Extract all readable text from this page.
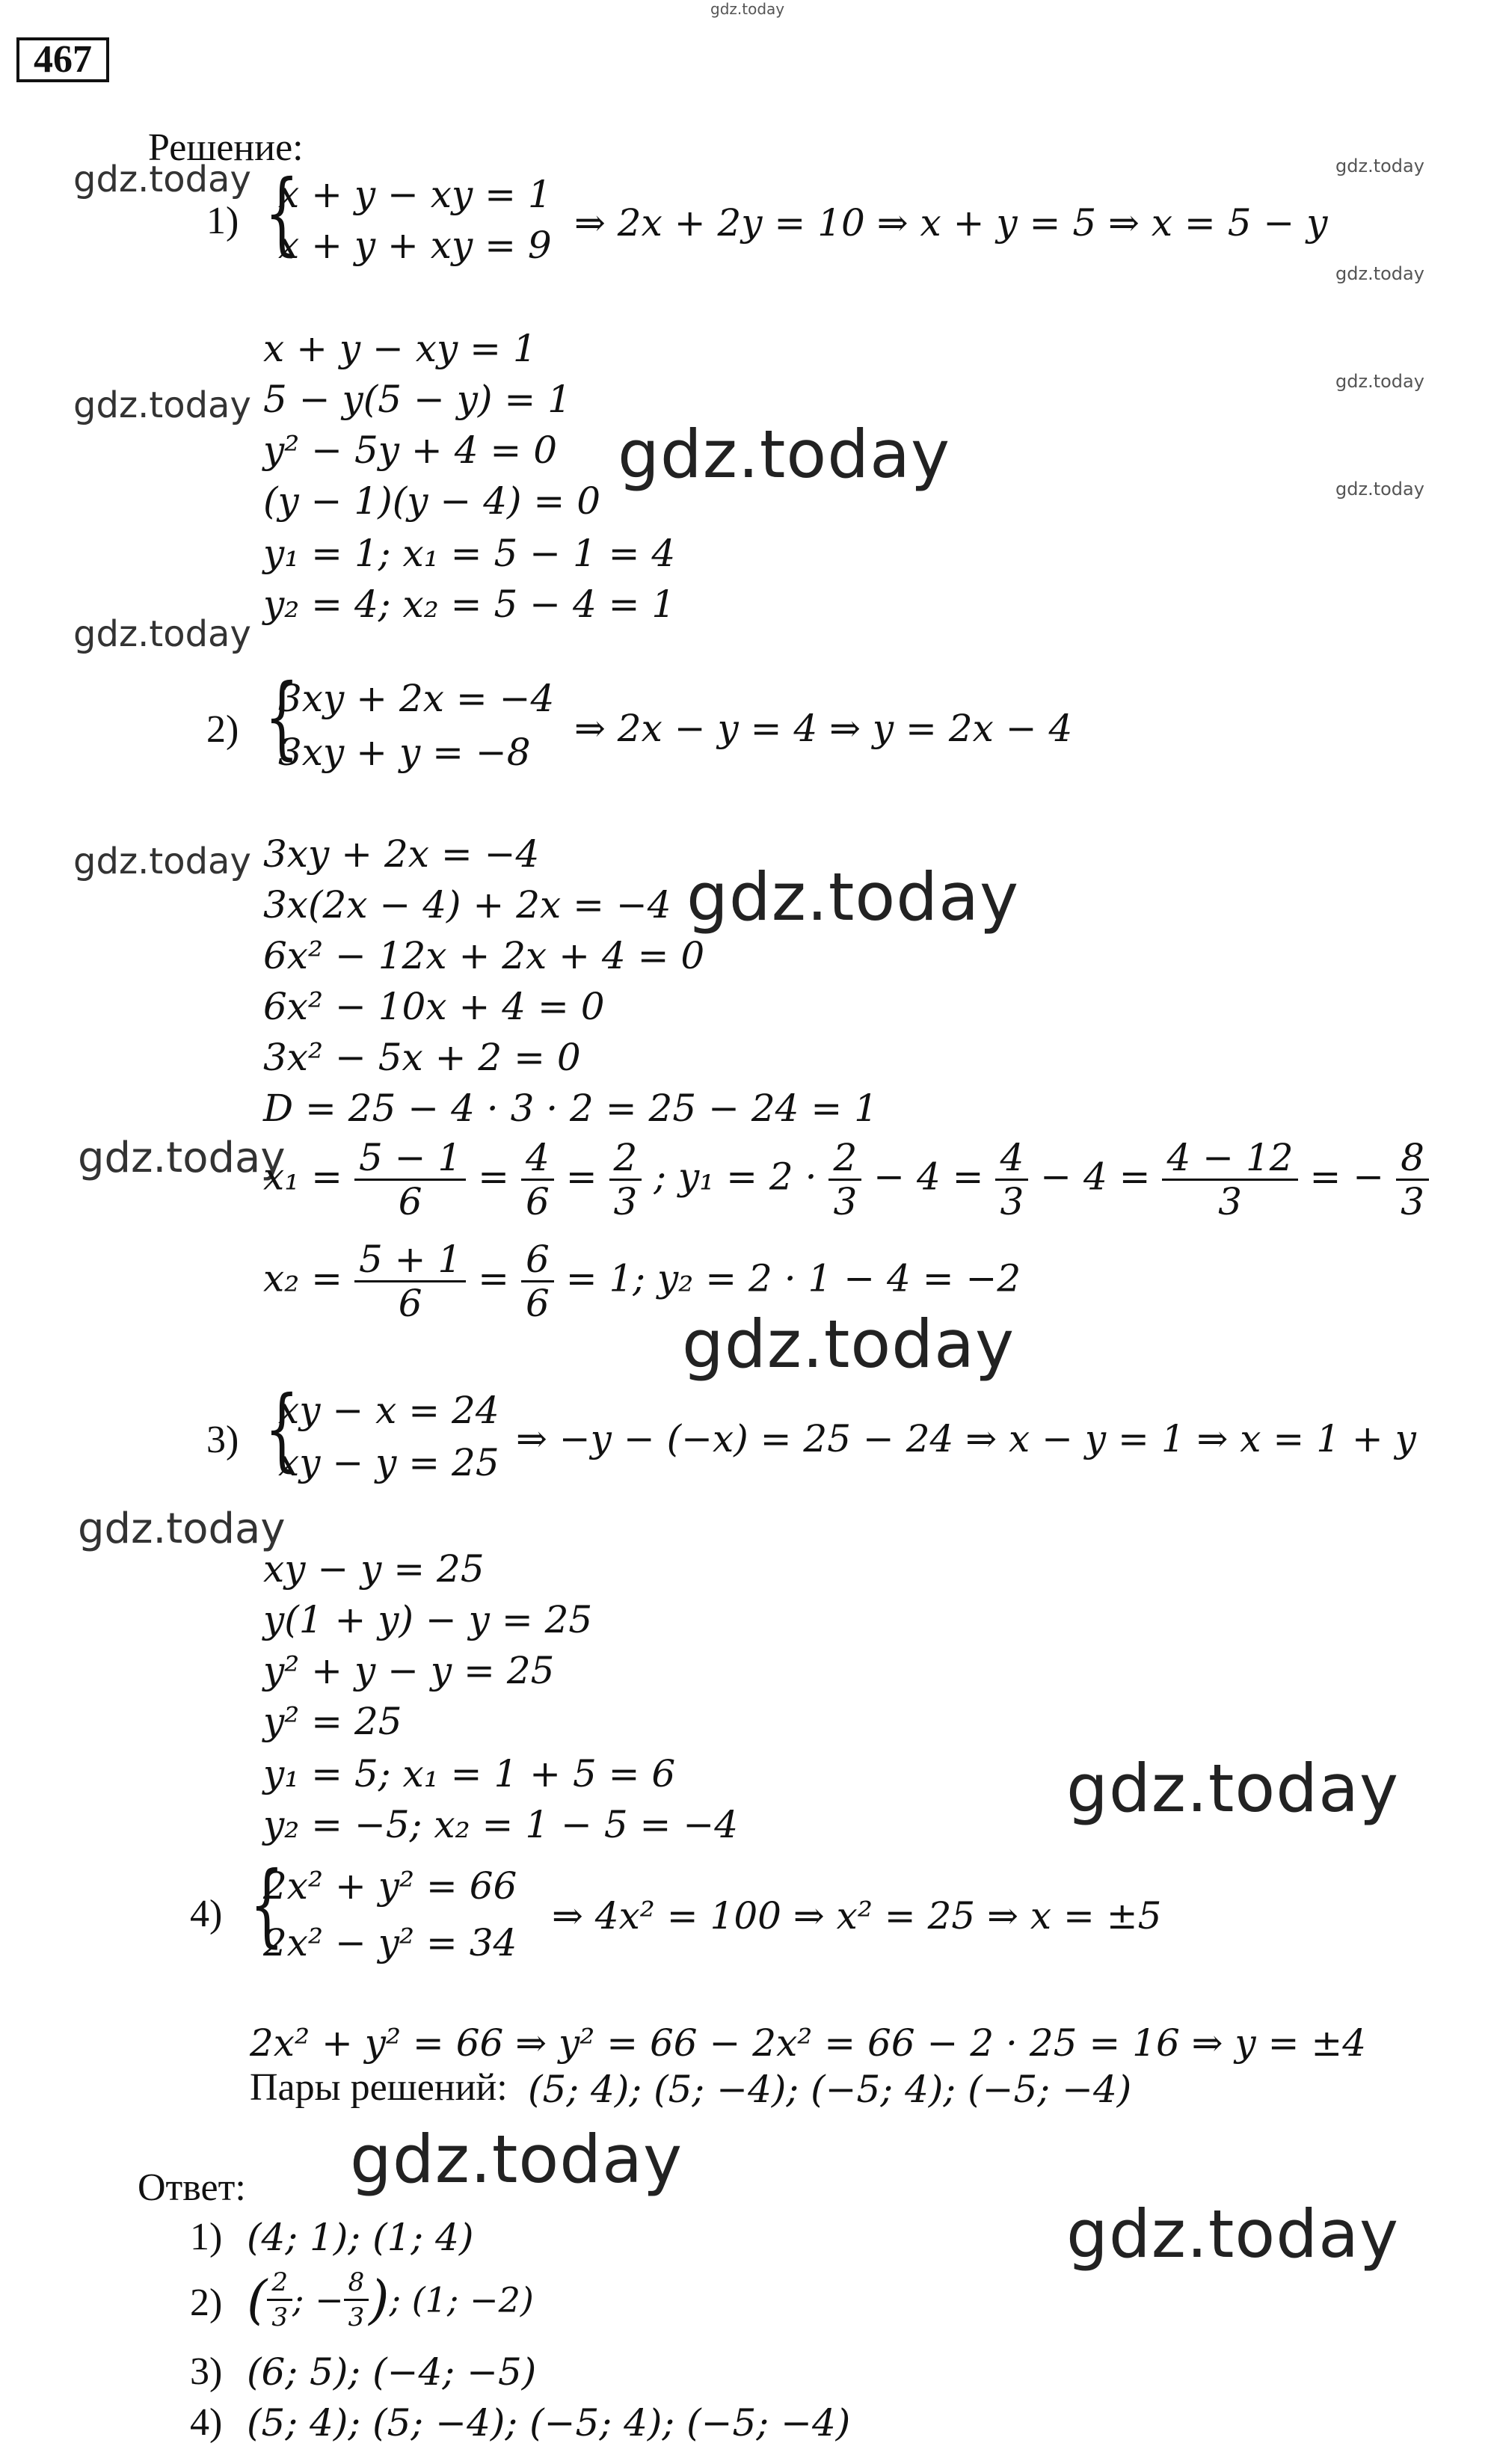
gdz.today
467
Решение:	gdz.today
gdz.today
gdz.today
gdz.today
gdz.today
gdz.today
gdz.today
gdz.today
gdz.today
gdz.today
gdz.today
gdz.today
gdz.today
gdz.today
gdz.today
gdz.today
1) {
x + y − xy = 1
x + y + xy = 9
⇒ 2x + 2y = 10 ⇒ x + y = 5 ⇒ x = 5 − y
x + y − xy = 1
5 − y(5 − y) = 1
y² − 5y + 4 = 0
(y − 1)(y − 4) = 0
y₁ = 1; x₁ = 5 − 1 = 4
y₂ = 4; x₂ = 5 − 4 = 1
2) {
3xy + 2x = −4
3xy + y = −8
⇒ 2x − y = 4 ⇒ y = 2x − 4
3xy + 2x = −4
3x(2x − 4) + 2x = −4
6x² − 12x + 2x + 4 = 0
6x² − 10x + 4 = 0
3x² − 5x + 2 = 0
D = 25 − 4 · 3 · 2 = 25 − 24 = 1
$x_1 = \frac{5 - 1}{6} = \frac{4}{6} = \frac{2}{3}$ ; $y_1 = 2 \cdot \frac{2}{3} - 4 = \frac{4}{3} - 4 = \frac{4 - 12}{3}$ = − $\frac{8}{3}$
$x_2 = \frac{5 + 1}{6} = \frac{6}{6} = 1$; y₂ = 2 · 1 − 4 = −2
3) {
xy − x = 24
xy − y = 25
⇒ −y − (−x) = 25 − 24 ⇒ x − y = 1 ⇒ x = 1 + y
xy − y = 25
y(1 + y) − y = 25
y² + y − y = 25
y² = 25
y₁ = 5; x₁ = 1 + 5 = 6
y₂ = −5; x₂ = 1 − 5 = −4
4) {
2x² + y² = 66
2x² − y² = 34
⇒ 4x² = 100 ⇒ x² = 25 ⇒ x = ±5
2x² + y² = 66 ⇒ y² = 66 − 2x² = 66 − 2 · 25 = 16 ⇒ y = ±4
Пары решений: (5; 4); (5; −4); (−5; 4); (−5; −4)
Ответ:
1) (4; 1); (1; 4)
2) ( $\frac{2}{3}$ ; − $\frac{8}{3}$ ); (1; −2)
3) (6; 5); (−4; −5)
4) (5; 4); (5; −4); (−5; 4); (−5; −4)
